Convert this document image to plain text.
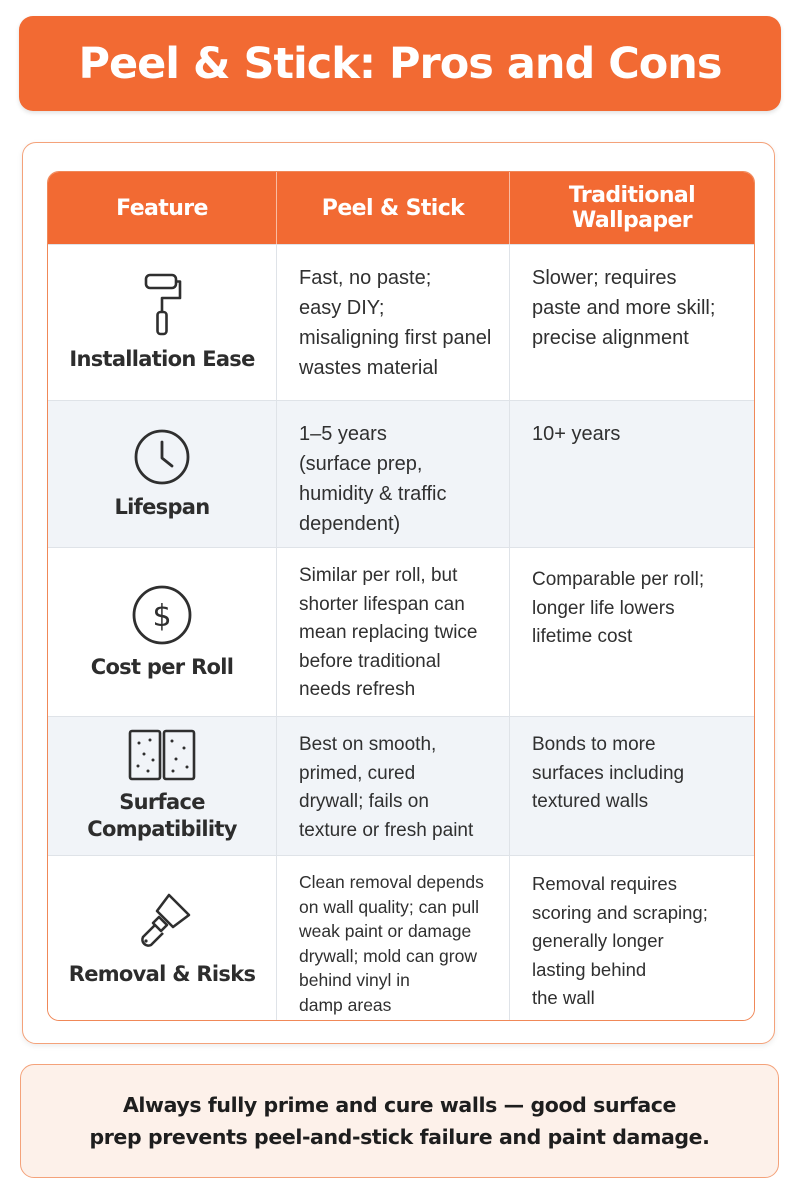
Peel & Stick: Pros and Cons
Feature	Peel & Stick	Traditional Wallpaper
Installation Ease
Fast, no paste;
easy DIY;
misaligning first panel
wastes material
Slower; requires
paste and more skill;
precise alignment
Lifespan
1–5 years
(surface prep,
humidity & traffic
dependent)
10+ years
$
Cost per Roll
Similar per roll, but
shorter lifespan can
mean replacing twice
before traditional
needs refresh
Comparable per roll;
longer life lowers
lifetime cost
Surface
Compatibility
Best on smooth,
primed, cured
drywall; fails on
texture or fresh paint
Bonds to more
surfaces including
textured walls
Removal & Risks
Clean removal depends
on wall quality; can pull
weak paint or damage
drywall; mold can grow
behind vinyl in
damp areas
Removal requires
scoring and scraping;
generally longer
lasting behind
the wall

Always fully prime and cure walls — good surface
prep prevents peel-and-stick failure and paint damage.
